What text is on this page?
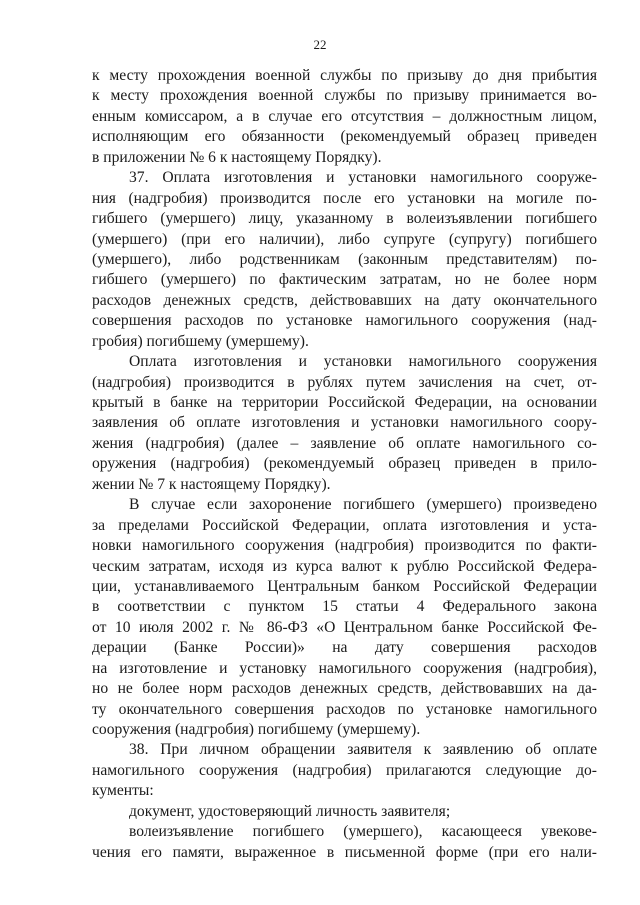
22
к месту прохождения военной службы по призыву до дня прибытия
к месту прохождения военной службы по призыву принимается во-
енным комиссаром, а в случае его отсутствия – должностным лицом,
исполняющим его обязанности (рекомендуемый образец приведен
в приложении № 6 к настоящему Порядку).
37. Оплата изготовления и установки намогильного сооруже-
ния (надгробия) производится после его установки на могиле по-
гибшего (умершего) лицу, указанному в волеизъявлении погибшего
(умершего) (при его наличии), либо супруге (супругу) погибшего
(умершего), либо родственникам (законным представителям) по-
гибшего (умершего) по фактическим затратам, но не более норм
расходов денежных средств, действовавших на дату окончательного
совершения расходов по установке намогильного сооружения (над-
гробия) погибшему (умершему).
Оплата изготовления и установки намогильного сооружения
(надгробия) производится в рублях путем зачисления на счет, от-
крытый в банке на территории Российской Федерации, на основании
заявления об оплате изготовления и установки намогильного соору-
жения (надгробия) (далее – заявление об оплате намогильного со-
оружения (надгробия) (рекомендуемый образец приведен в прило-
жении № 7 к настоящему Порядку).
В случае если захоронение погибшего (умершего) произведено
за пределами Российской Федерации, оплата изготовления и уста-
новки намогильного сооружения (надгробия) производится по факти-
ческим затратам, исходя из курса валют к рублю Российской Федера-
ции, устанавливаемого Центральным банком Российской Федерации
в соответствии с пунктом 15 статьи 4 Федерального закона
от 10 июля 2002 г. № 86-ФЗ «О Центральном банке Российской Фе-
дерации (Банке России)» на дату совершения расходов
на изготовление и установку намогильного сооружения (надгробия),
но не более норм расходов денежных средств, действовавших на да-
ту окончательного совершения расходов по установке намогильного
сооружения (надгробия) погибшему (умершему).
38. При личном обращении заявителя к заявлению об оплате
намогильного сооружения (надгробия) прилагаются следующие до-
кументы:
документ, удостоверяющий личность заявителя;
волеизъявление погибшего (умершего), касающееся увекове-
чения его памяти, выраженное в письменной форме (при его нали-
